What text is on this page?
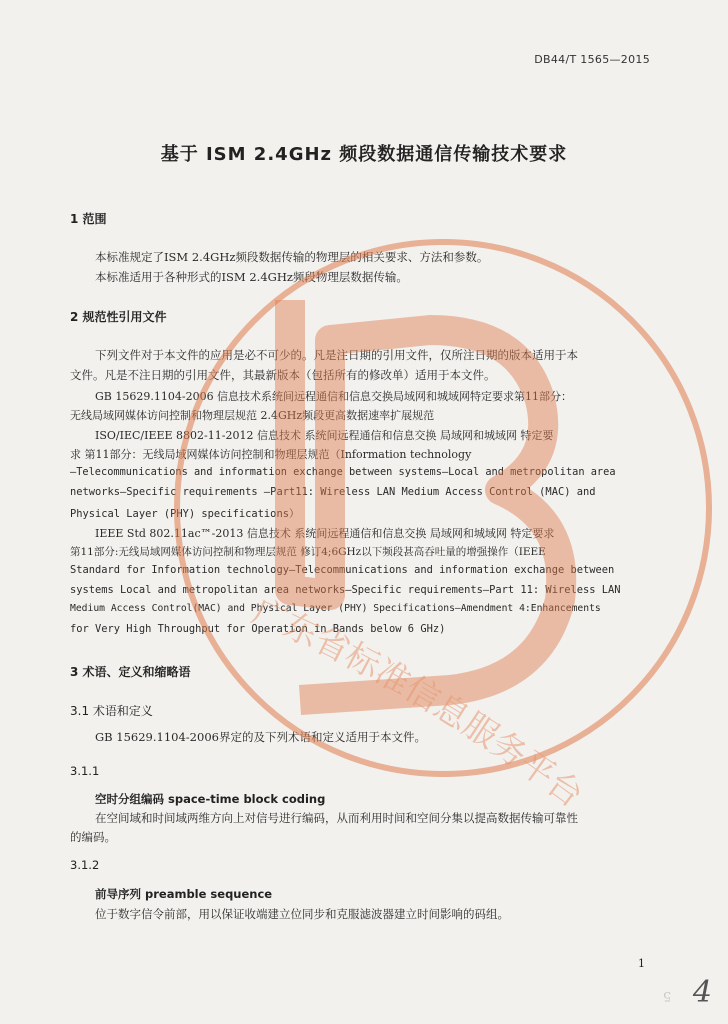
DB44/T 1565—2015
基于 ISM 2.4GHz 频段数据通信传输技术要求
1 范围
本标准规定了ISM 2.4GHz频段数据传输的物理层的相关要求、方法和参数。
本标准适用于各种形式的ISM 2.4GHz频段物理层数据传输。
2 规范性引用文件
下列文件对于本文件的应用是必不可少的。凡是注日期的引用文件，仅所注日期的版本适用于本
文件。凡是不注日期的引用文件，其最新版本（包括所有的修改单）适用于本文件。
GB 15629.1104-2006 信息技术系统间远程通信和信息交换局域网和城域网特定要求第11部分：
无线局域网媒体访问控制和物理层规范 2.4GHz频段更高数据速率扩展规范
ISO/IEC/IEEE 8802-11-2012 信息技术 系统间远程通信和信息交换 局域网和城域网 特定要
求 第11部分：无线局域网媒体访问控制和物理层规范（Information technology
—Telecommunications and information exchange between systems—Local and metropolitan area
networks—Specific requirements —Part11: Wireless LAN Medium Access Control (MAC) and
Physical Layer (PHY) specifications）
IEEE Std 802.11ac™-2013 信息技术 系统间远程通信和信息交换 局域网和城域网 特定要求
第11部分:无线局域网媒体访问控制和物理层规范 修订4;6GHz以下频段甚高吞吐量的增强操作（IEEE
Standard for Information technology—Telecommunications and information exchange between
systems Local and metropolitan area networks—Specific requirements—Part 11: Wireless LAN
Medium Access Control(MAC) and Physical Layer (PHY) Specifications—Amendment 4:Enhancements
for Very High Throughput for Operation in Bands below 6 GHz)
3 术语、定义和缩略语
3.1 术语和定义
GB 15629.1104-2006界定的及下列术语和定义适用于本文件。
3.1.1
空时分组编码 space-time block coding
在空间域和时间域两维方向上对信号进行编码，从而利用时间和空间分集以提高数据传输可靠性
的编码。
3.1.2
前导序列 preamble sequence
位于数字信令前部，用以保证收端建立位同步和克服滤波器建立时间影响的码组。
1
4
5
广东省标准信息服务平台
